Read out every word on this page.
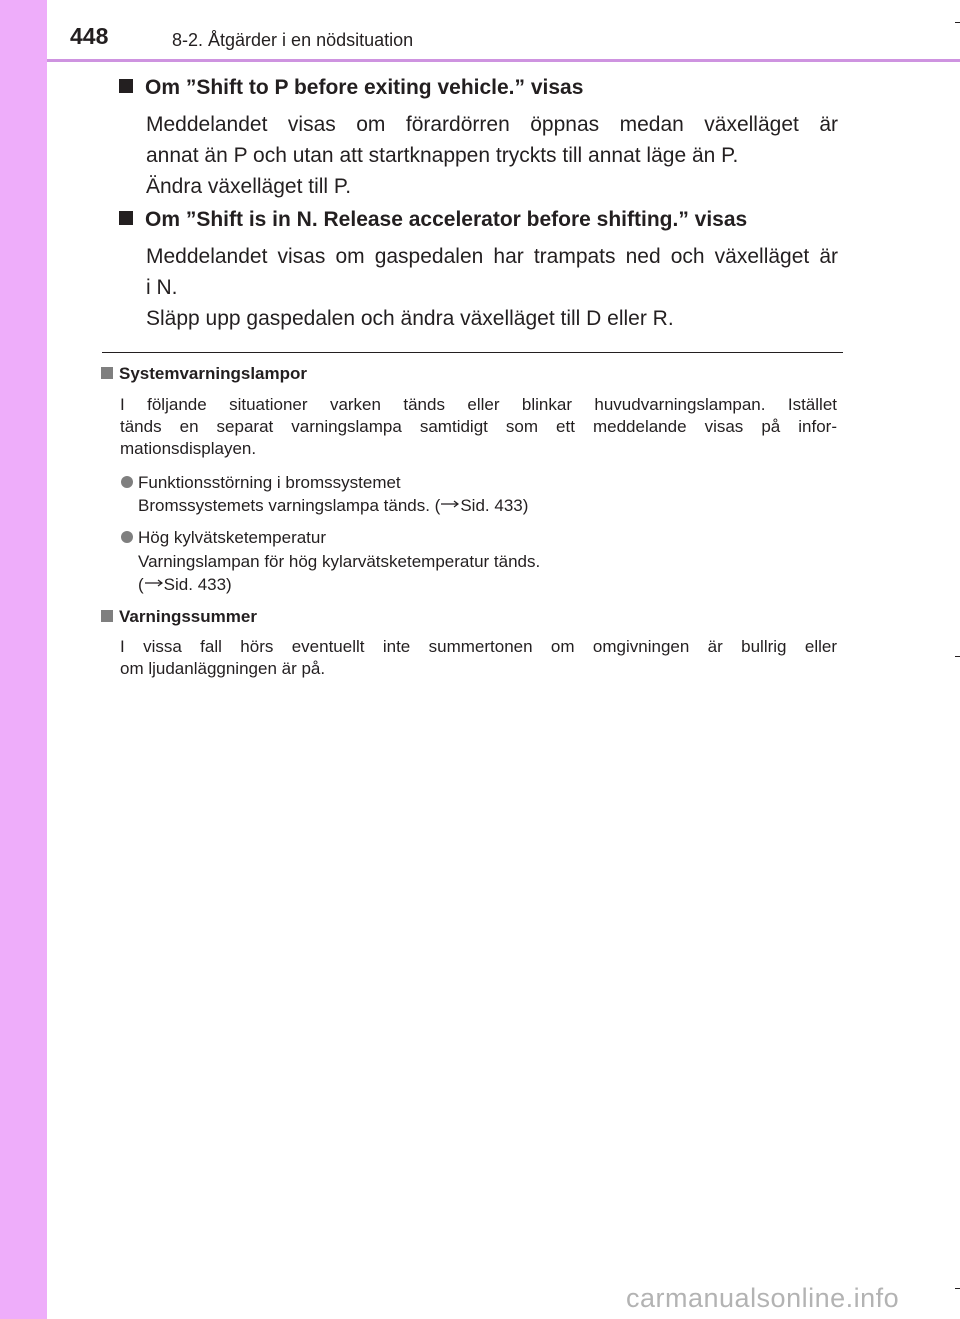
448	8-2. Åtgärder i en nödsituation
Om ”Shift to P before exiting vehicle.” visas
Meddelandet visas om förardörren öppnas medan växelläget är
annat än P och utan att startknappen tryckts till annat läge än P.
Ändra växelläget till P.
Om ”Shift is in N. Release accelerator before shifting.” visas
Meddelandet visas om gaspedalen har trampats ned och växelläget är
i N.
Släpp upp gaspedalen och ändra växelläget till D eller R.
Systemvarningslampor
I följande situationer varken tänds eller blinkar huvudvarningslampan. Istället
tänds en separat varningslampa samtidigt som ett meddelande visas på infor-
mationsdisplayen.
Funktionsstörning i bromssystemet
Bromssystemets varningslampa tänds. ( Sid. 433)
Hög kylvätsketemperatur
Varningslampan för hög kylarvätsketemperatur tänds.
( Sid. 433)
Varningssummer
I vissa fall hörs eventuellt inte summertonen om omgivningen är bullrig eller
om ljudanläggningen är på.
carmanualsonline.info
